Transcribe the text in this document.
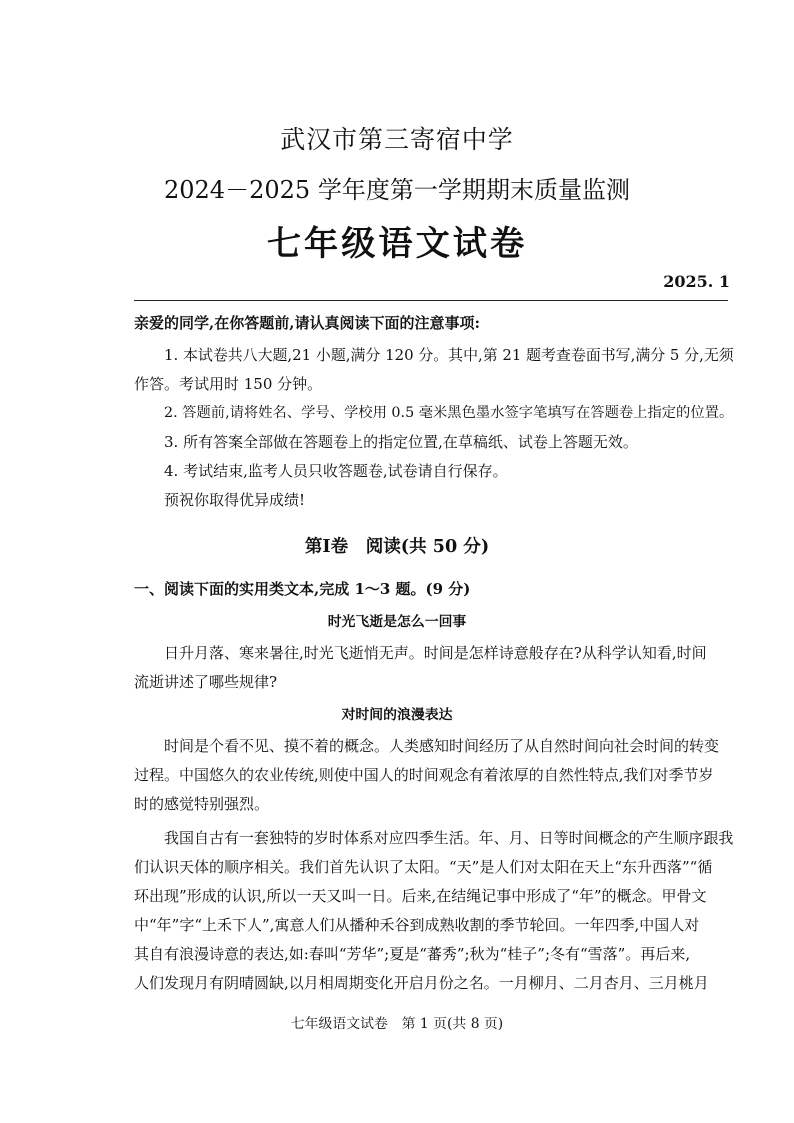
武汉市第三寄宿中学
2024－2025 学年度第一学期期末质量监测
七年级语文试卷
2025. 1
亲爱的同学,在你答题前,请认真阅读下面的注意事项:
1. 本试卷共八大题,21 小题,满分 120 分。其中,第 21 题考查卷面书写,满分 5 分,无须
作答。考试用时 150 分钟。
2. 答题前,请将姓名、学号、学校用 0.5 毫米黑色墨水签字笔填写在答题卷上指定的位置。
3. 所有答案全部做在答题卷上的指定位置,在草稿纸、试卷上答题无效。
4. 考试结束,监考人员只收答题卷,试卷请自行保存。
预祝你取得优异成绩!
第Ⅰ卷　阅读(共 50 分)
一、阅读下面的实用类文本,完成 1～3 题。(9 分)
时光飞逝是怎么一回事
日升月落、寒来暑往,时光飞逝悄无声。时间是怎样诗意般存在?从科学认知看,时间
流逝讲述了哪些规律?
对时间的浪漫表达
时间是个看不见、摸不着的概念。人类感知时间经历了从自然时间向社会时间的转变
过程。中国悠久的农业传统,则使中国人的时间观念有着浓厚的自然性特点,我们对季节岁
时的感觉特别强烈。
我国自古有一套独特的岁时体系对应四季生活。年、月、日等时间概念的产生顺序跟我
们认识天体的顺序相关。我们首先认识了太阳。“天”是人们对太阳在天上“东升西落”“循
环出现”形成的认识,所以一天又叫一日。后来,在结绳记事中形成了“年”的概念。甲骨文
中“年”字“上禾下人”,寓意人们从播种禾谷到成熟收割的季节轮回。一年四季,中国人对
其自有浪漫诗意的表达,如:春叫“芳华”;夏是“蕃秀”;秋为“桂子”;冬有“雪落”。再后来,
人们发现月有阴晴圆缺,以月相周期变化开启月份之名。一月柳月、二月杏月、三月桃月
七年级语文试卷　第 1 页(共 8 页)
